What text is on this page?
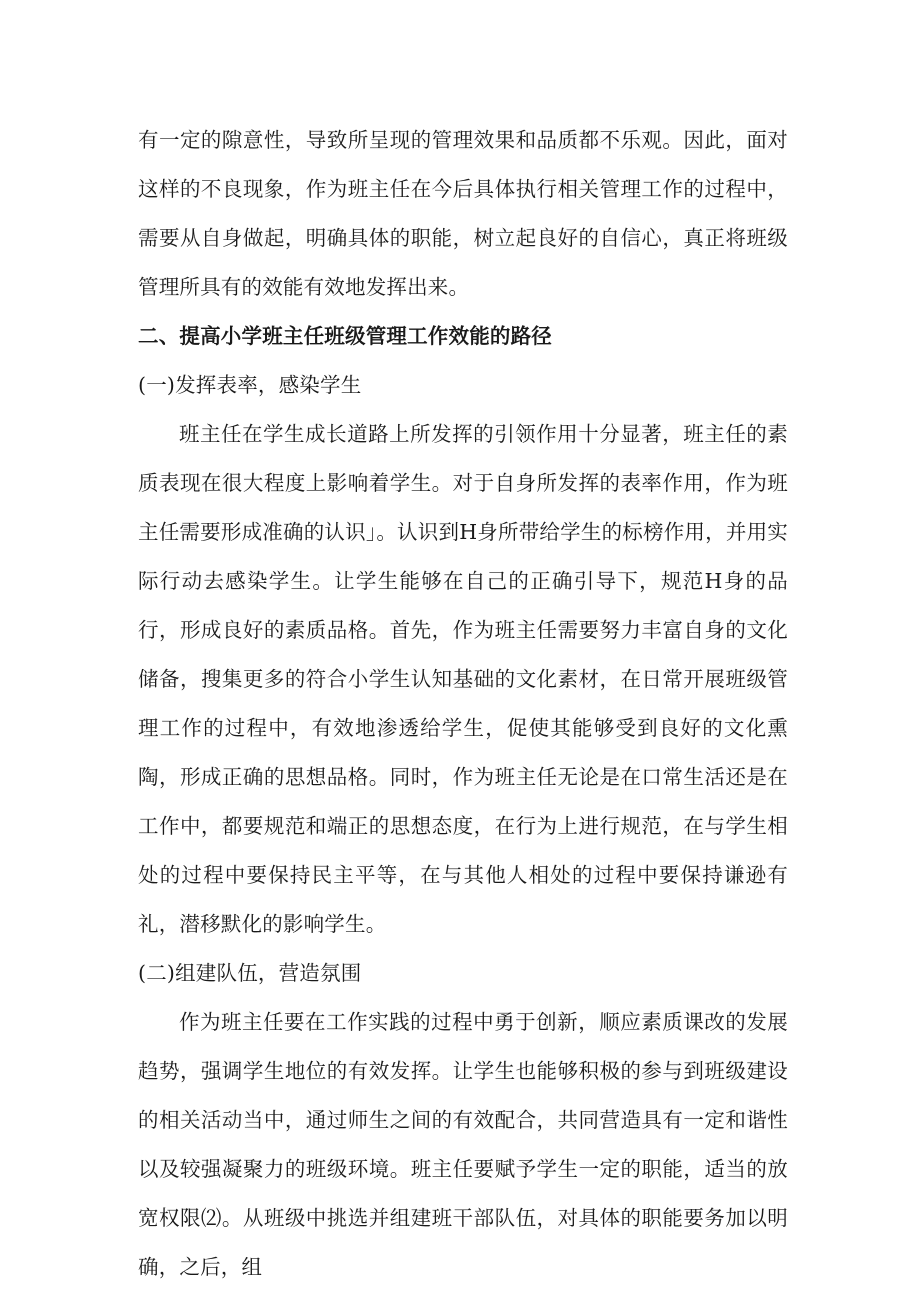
有一定的隙意性，导致所呈现的管理效果和品质都不乐观。因此，面对这样的不良现象，作为班主任在今后具体执行相关管理工作的过程中，需要从自身做起，明确具体的职能，树立起良好的自信心，真正将班级管理所具有的效能有效地发挥出来。

二、提高小学班主任班级管理工作效能的路径

(一)发挥表率，感染学生

班主任在学生成长道路上所发挥的引领作用十分显著，班主任的素质表现在很大程度上影响着学生。对于自身所发挥的表率作用，作为班主任需要形成准确的认识」。认识到H身所带给学生的标榜作用，并用实际行动去感染学生。让学生能够在自己的正确引导下，规范H身的品行，形成良好的素质品格。首先，作为班主任需要努力丰富自身的文化储备，搜集更多的符合小学生认知基础的文化素材，在日常开展班级管理工作的过程中，有效地渗透给学生，促使其能够受到良好的文化熏陶，形成正确的思想品格。同时，作为班主任无论是在口常生活还是在工作中，都要规范和端正的思想态度，在行为上进行规范，在与学生相处的过程中要保持民主平等，在与其他人相处的过程中要保持谦逊有礼，潜移默化的影响学生。

(二)组建队伍，营造氛围

作为班主任要在工作实践的过程中勇于创新，顺应素质课改的发展趋势，强调学生地位的有效发挥。让学生也能够积极的参与到班级建设的相关活动当中，通过师生之间的有效配合，共同营造具有一定和谐性以及较强凝聚力的班级环境。班主任要赋予学生一定的职能，适当的放宽权限⑵。从班级中挑选并组建班干部队伍，对具体的职能要务加以明确，之后，组
